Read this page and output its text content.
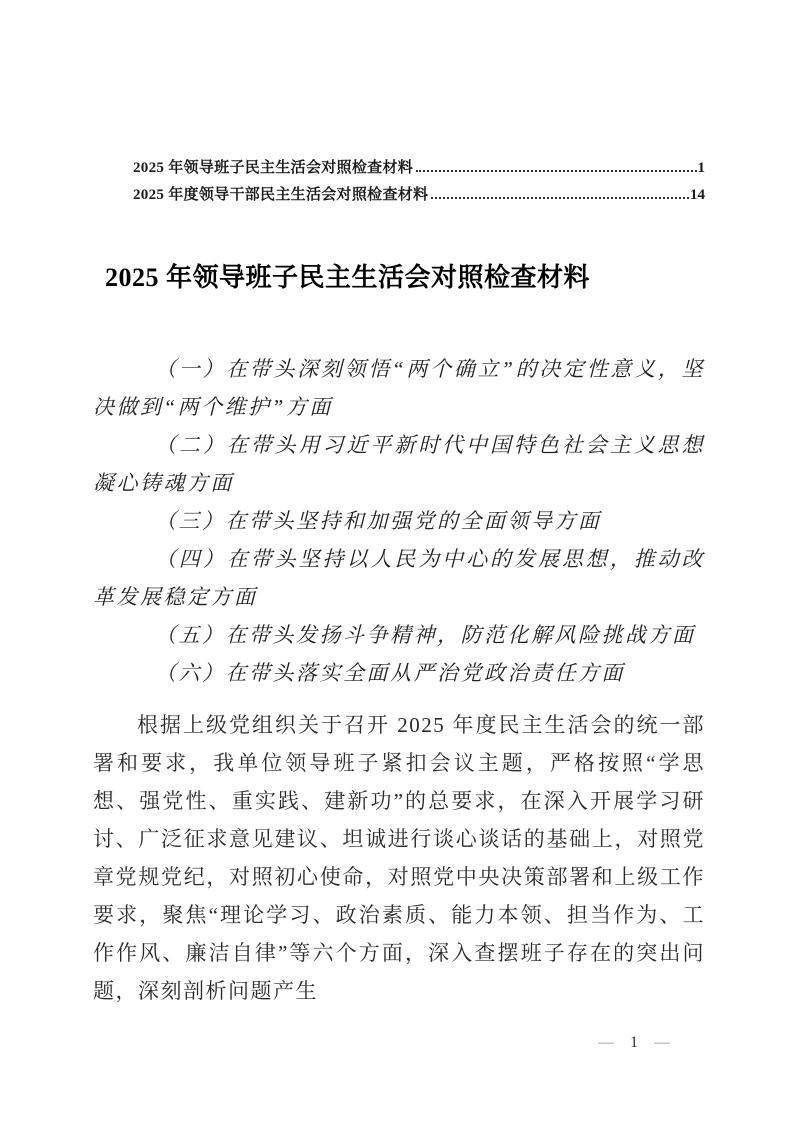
2025 年领导班子民主生活会对照检查材料	1
2025 年度领导干部民主生活会对照检查材料	14
2025 年领导班子民主生活会对照检查材料

（一）在带头深刻领悟“两个确立”的决定性意义，坚决做到“两个维护”方面

（二）在带头用习近平新时代中国特色社会主义思想凝心铸魂方面

（三）在带头坚持和加强党的全面领导方面

（四）在带头坚持以人民为中心的发展思想，推动改革发展稳定方面

（五）在带头发扬斗争精神，防范化解风险挑战方面

（六）在带头落实全面从严治党政治责任方面

根据上级党组织关于召开 2025 年度民主生活会的统一部署和要求，我单位领导班子紧扣会议主题，严格按照“学思想、强党性、重实践、建新功”的总要求，在深入开展学习研讨、广泛征求意见建议、坦诚进行谈心谈话的基础上，对照党章党规党纪，对照初心使命，对照党中央决策部署和上级工作要求，聚焦“理论学习、政治素质、能力本领、担当作为、工作作风、廉洁自律”等六个方面，深入查摆班子存在的突出问题，深刻剖析问题产生

— 1 —
